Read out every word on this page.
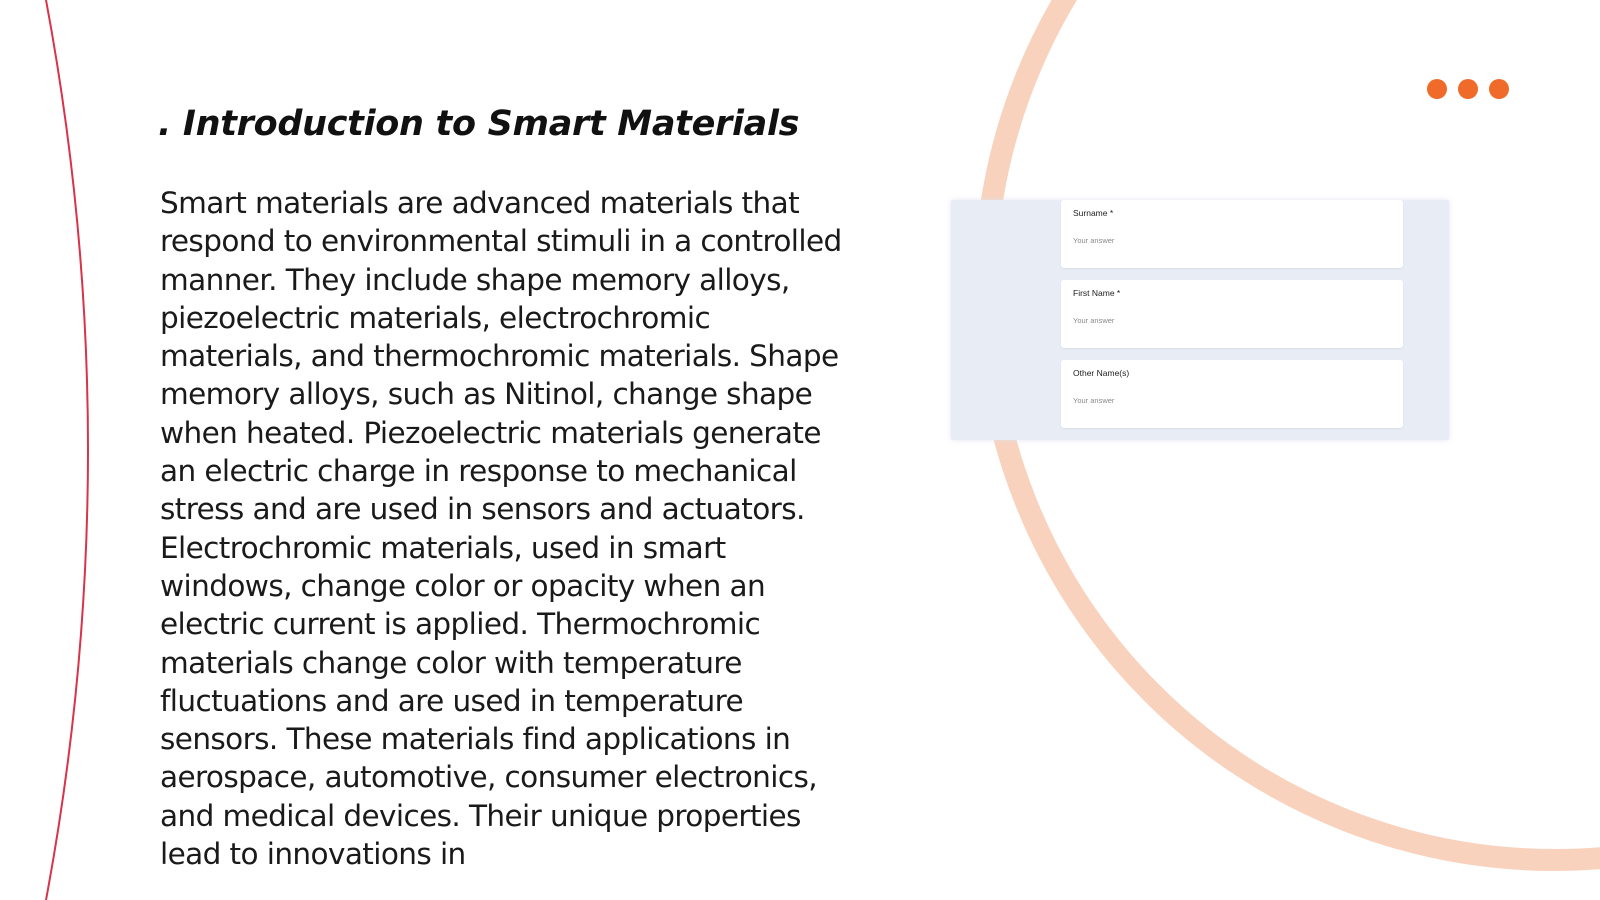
. Introduction to Smart Materials

Smart materials are advanced materials that respond to environmental stimuli in a controlled manner. They include shape memory alloys, piezoelectric materials, electrochromic materials, and thermochromic materials. Shape memory alloys, such as Nitinol, change shape when heated. Piezoelectric materials generate an electric charge in response to mechanical stress and are used in sensors and actuators. Electrochromic materials, used in smart windows, change color or opacity when an electric current is applied. Thermochromic materials change color with temperature fluctuations and are used in temperature sensors. These materials find applications in aerospace, automotive, consumer electronics, and medical devices. Their unique properties lead to innovations in

Surname *
Your answer
First Name *
Your answer
Other Name(s)
Your answer
